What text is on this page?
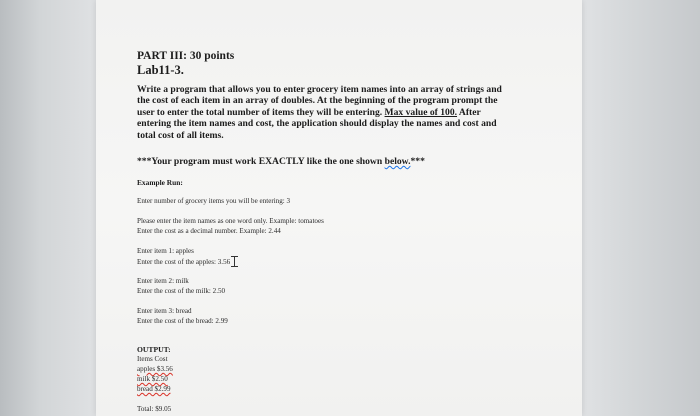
PART III: 30 points
Lab11-3.
Write a program that allows you to enter grocery item names into an array of strings and the cost of each item in an array of doubles. At the beginning of the program prompt the user to enter the total number of items they will be entering. Max value of 100. After entering the item names and cost, the application should display the names and cost and total cost of all items.
***Your program must work EXACTLY like the one shown below.***
Example Run:
Enter number of grocery items you will be entering: 3
Please enter the item names as one word only. Example: tomatoes
Enter the cost as a decimal number. Example: 2.44
Enter item 1: apples
Enter the cost of the apples: 3.56
Enter item 2: milk
Enter the cost of the milk: 2.50
Enter item 3: bread
Enter the cost of the bread: 2.99
OUTPUT:
Items Cost
apples $3.56
milk $2.50
bread $2.99
Total: $9.05
